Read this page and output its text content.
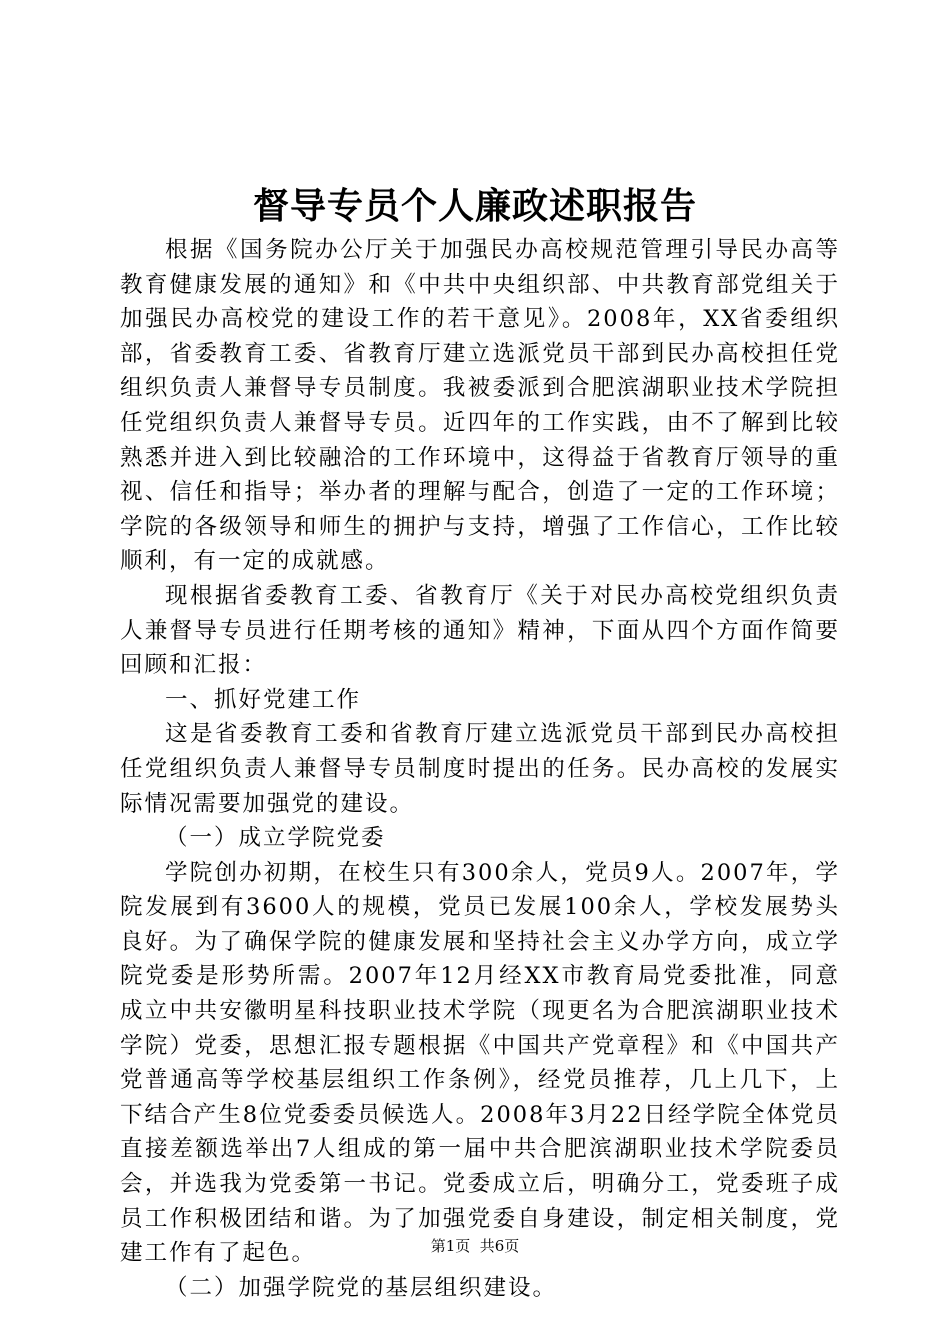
督导专员个人廉政述职报告

根据《国务院办公厅关于加强民办高校规范管理引导民办高等教育健康发展的通知》和《中共中央组织部、中共教育部党组关于加强民办高校党的建设工作的若干意见》。2008年，XX省委组织部，省委教育工委、省教育厅建立选派党员干部到民办高校担任党组织负责人兼督导专员制度。我被委派到合肥滨湖职业技术学院担任党组织负责人兼督导专员。近四年的工作实践，由不了解到比较熟悉并进入到比较融洽的工作环境中，这得益于省教育厅领导的重视、信任和指导；举办者的理解与配合，创造了一定的工作环境；学院的各级领导和师生的拥护与支持，增强了工作信心，工作比较顺利，有一定的成就感。

现根据省委教育工委、省教育厅《关于对民办高校党组织负责人兼督导专员进行任期考核的通知》精神，下面从四个方面作简要回顾和汇报：

一、抓好党建工作

这是省委教育工委和省教育厅建立选派党员干部到民办高校担任党组织负责人兼督导专员制度时提出的任务。民办高校的发展实际情况需要加强党的建设。

（一）成立学院党委

学院创办初期，在校生只有300余人，党员9人。2007年，学院发展到有3600人的规模，党员已发展100余人，学校发展势头良好。为了确保学院的健康发展和坚持社会主义办学方向，成立学院党委是形势所需。2007年12月经XX市教育局党委批准，同意成立中共安徽明星科技职业技术学院（现更名为合肥滨湖职业技术学院）党委，思想汇报专题根据《中国共产党章程》和《中国共产党普通高等学校基层组织工作条例》，经党员推荐，几上几下，上下结合产生8位党委委员候选人。2008年3月22日经学院全体党员直接差额选举出7人组成的第一届中共合肥滨湖职业技术学院委员会，并选我为党委第一书记。党委成立后，明确分工，党委班子成员工作积极团结和谐。为了加强党委自身建设，制定相关制度，党建工作有了起色。

（二）加强学院党的基层组织建设。

第1页  共6页
